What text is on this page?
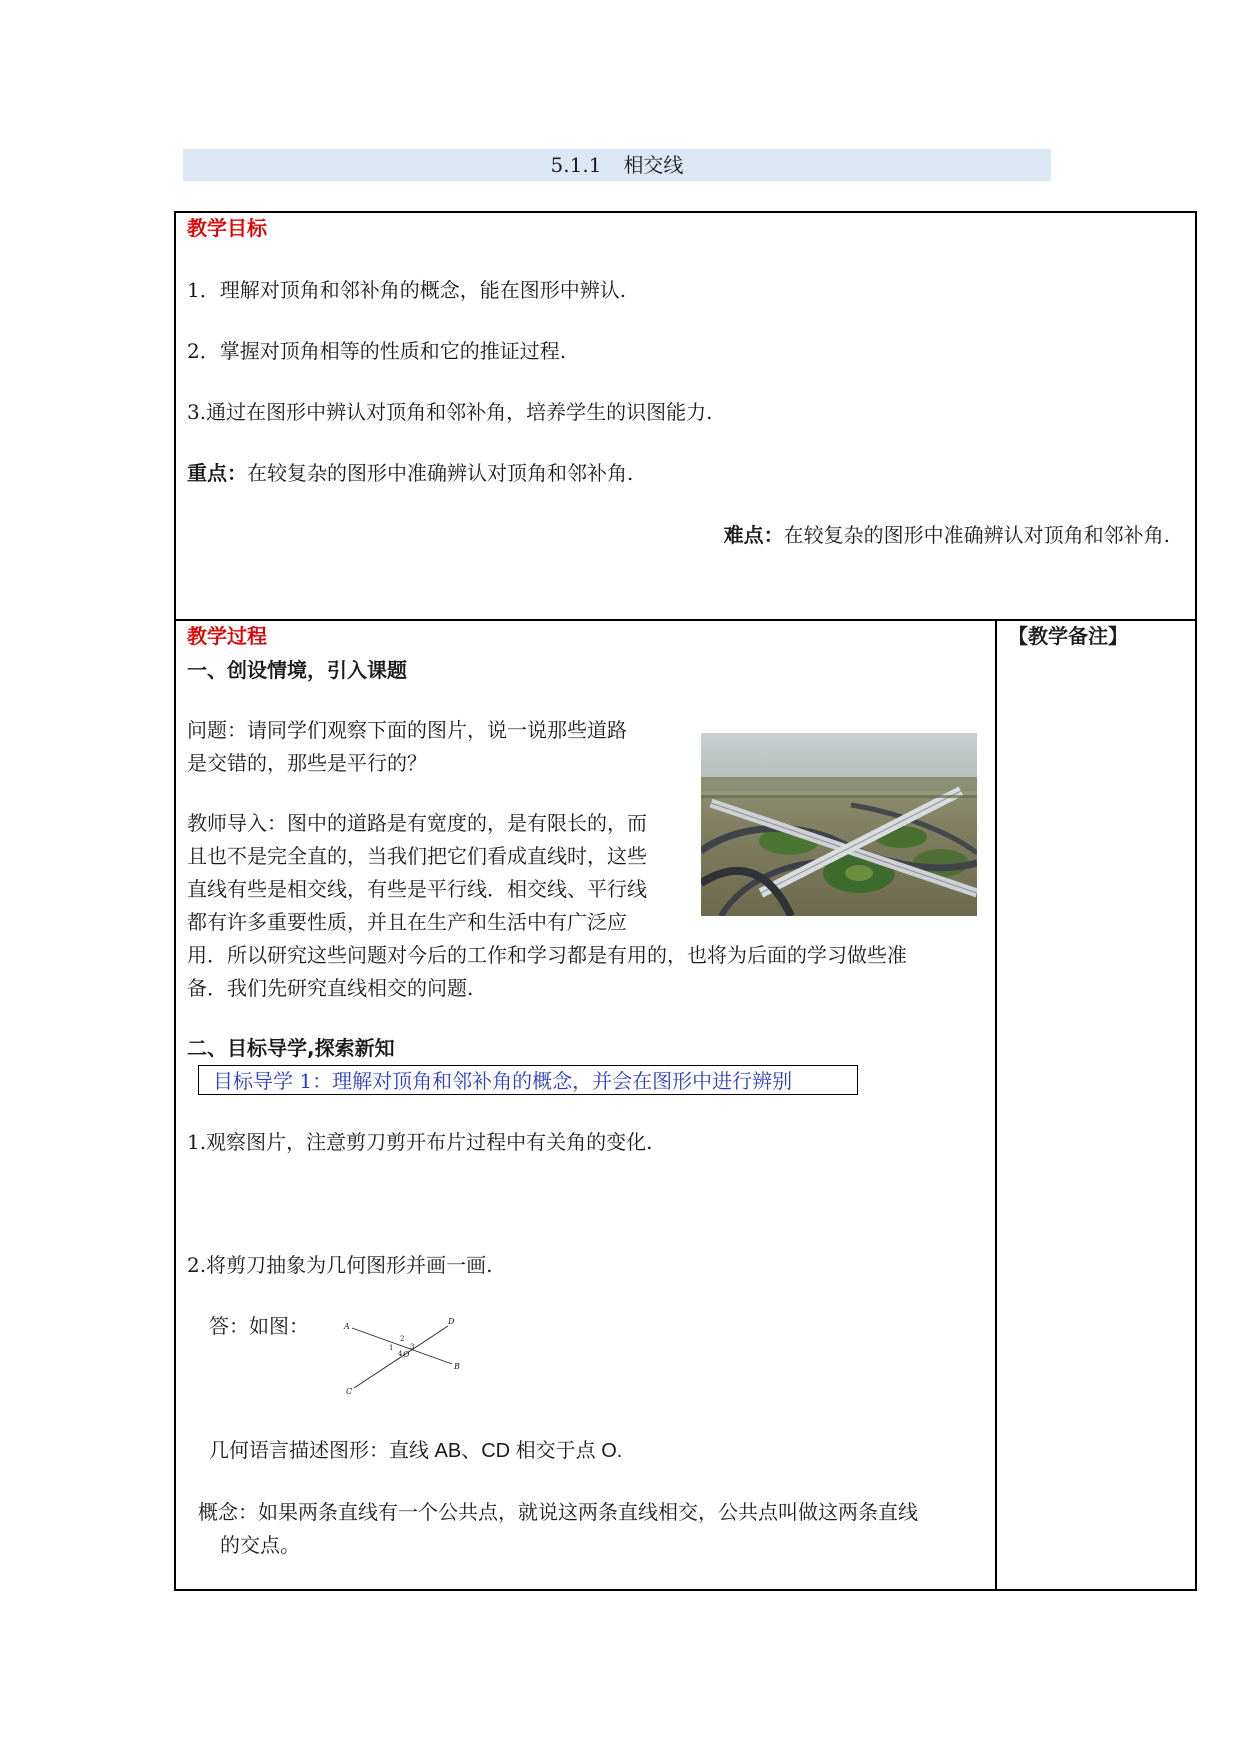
5.1.1 相交线
教学目标
1．理解对顶角和邻补角的概念，能在图形中辨认.
2．掌握对顶角相等的性质和它的推证过程.
3.通过在图形中辨认对顶角和邻补角，培养学生的识图能力.
重点：在较复杂的图形中准确辨认对顶角和邻补角.
难点：在较复杂的图形中准确辨认对顶角和邻补角.
教学过程	【教学备注】
一、创设情境，引入课题
问题：请同学们观察下面的图片，说一说那些道路
是交错的，那些是平行的？
教师导入：图中的道路是有宽度的，是有限长的，而
且也不是完全直的，当我们把它们看成直线时，这些
直线有些是相交线，有些是平行线．相交线、平行线
都有许多重要性质，并且在生产和生活中有广泛应
用．所以研究这些问题对今后的工作和学习都是有用的，也将为后面的学习做些准
备．我们先研究直线相交的问题.
二、目标导学,探索新知
目标导学 1：理解对顶角和邻补角的概念，并会在图形中进行辨别
1.观察图片，注意剪刀剪开布片过程中有关角的变化.
2.将剪刀抽象为几何图形并画一画.
答：如图：	A
B
C
D
O
1
2
3
4
几何语言描述图形：直线 AB、CD 相交于点 O.
概念：如果两条直线有一个公共点，就说这两条直线相交，公共点叫做这两条直线
的交点。
